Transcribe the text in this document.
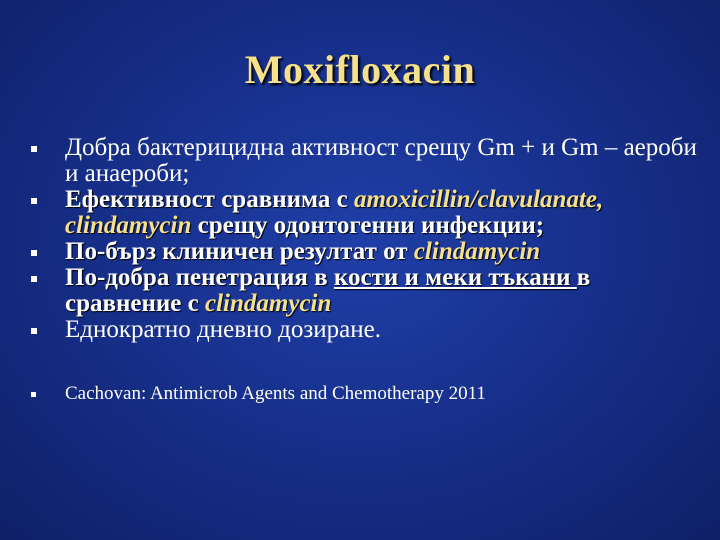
Moxifloxacin
Добра бактерицидна активност срещу Gm + и Gm – аероби и анаероби;
Ефективност сравнима с amoxicillin/clavulanate, clindamycin срещу одонтогенни инфекции;
По-бърз клиничен резултат от clindamycin
По-добра пенетрация в кости и меки тъкани в сравнение с clindamycin
Еднократно дневно дозиране.
Cachovan: Antimicrob Agents and Chemotherapy 2011
